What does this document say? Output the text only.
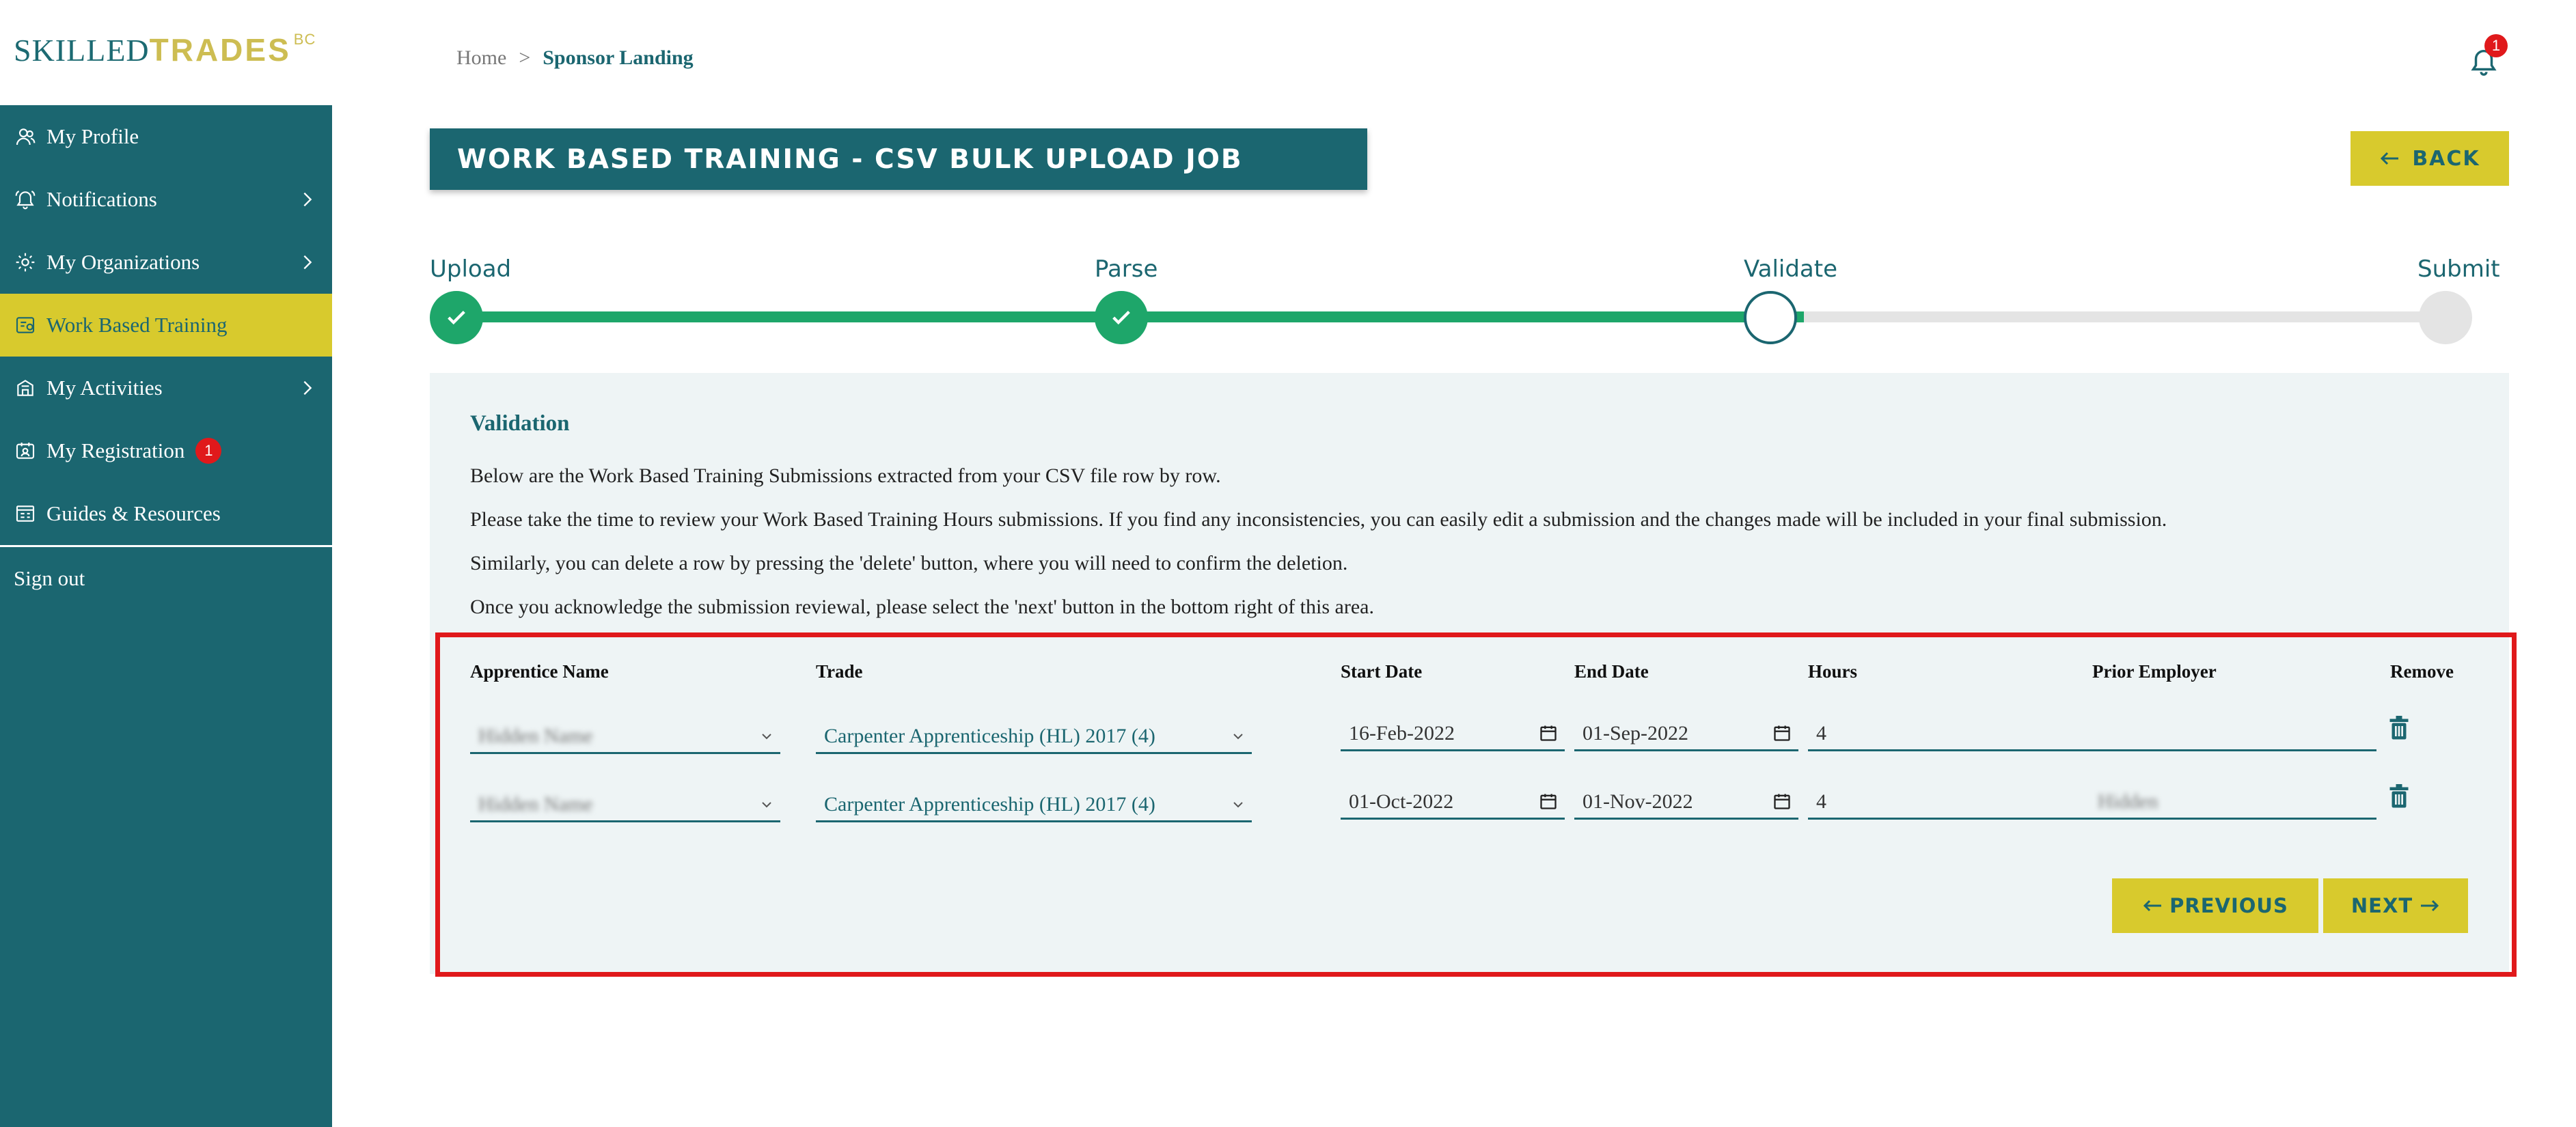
SKILLEDTRADES $^{BC}$
My Profile
Notifications
My Organizations
Work Based Training
My Activities
My Registration	1
Guides & Resources
Sign out
Home > Sponsor Landing
1
WORK BASED TRAINING - CSV BULK UPLOAD JOB	BACK
Upload	Parse	Validate	Submit
Validation
Below are the Work Based Training Submissions extracted from your CSV file row by row.
Please take the time to review your Work Based Training Hours submissions. If you find any inconsistencies, you can easily edit a submission and the changes made will be included in your final submission.
Similarly, you can delete a row by pressing the 'delete' button, where you will need to confirm the deletion.
Once you acknowledge the submission reviewal, please select the 'next' button in the bottom right of this area.
Apprentice Name	Trade	Start Date	End Date	Hours	Prior Employer	Remove
Hidden Name	Carpenter Apprenticeship (HL) 2017 (4)	16-Feb-2022	01-Sep-2022	4
Hidden Name	Carpenter Apprenticeship (HL) 2017 (4)	01-Oct-2022	01-Nov-2022	4	Hidden
PREVIOUS	NEXT
